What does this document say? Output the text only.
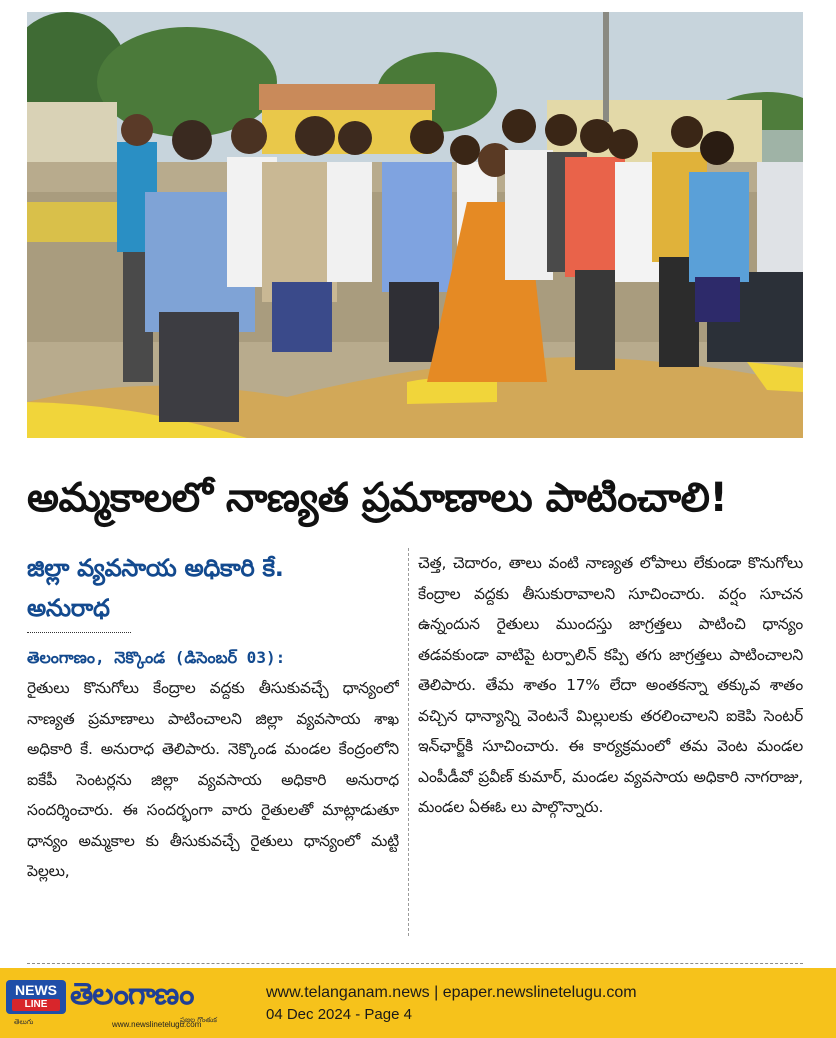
అమ్మకాలలో నాణ్యత ప్రమాణాలు పాటించాలి!

జిల్లా వ్యవసాయ అధికారి కే.

అనురాధ

తెలంగాణం, నెక్కొండ (డిసెంబర్ 03):

రైతులు కొనుగోలు కేంద్రాల వద్దకు తీసుకువచ్చే ధాన్యంలో నాణ్యత ప్రమాణాలు పాటించాలని జిల్లా వ్యవసాయ శాఖ అధికారి కే. అనురాధ తెలిపారు. నెక్కొండ మండల కేంద్రంలోని ఐకేపీ సెంటర్లను జిల్లా వ్యవసాయ అధికారి అనురాధ సందర్శించారు. ఈ సందర్భంగా వారు రైతులతో మాట్లాడుతూ ధాన్యం అమ్మకాల కు తీసుకువచ్చే రైతులు ధాన్యంలో మట్టి పెల్లలు,

చెత్త, చెదారం, తాలు వంటి నాణ్యత లోపాలు లేకుండా కొనుగోలు కేంద్రాల వద్దకు తీసుకురావాలని సూచించారు. వర్షం సూచన ఉన్నందున రైతులు ముందస్తు జాగ్రత్తలు పాటించి ధాన్యం తడవకుండా వాటిపై టర్పాలిన్ కప్పి తగు జాగ్రత్తలు పాటించాలని తెలిపారు. తేమ శాతం 17% లేదా అంతకన్నా తక్కువ శాతం వచ్చిన ధాన్యాన్ని వెంటనే మిల్లులకు తరలించాలని ఐకెపి సెంటర్ ఇన్‌ఛార్జ్‌కి సూచించారు. ఈ కార్యక్రమంలో తమ వెంట మండల ఎంపీడీవో ప్రవీణ్ కుమార్, మండల వ్యవసాయ అధికారి నాగరాజు, మండల ఏఈఓ లు పాల్గొన్నారు.

NEWS
LINE
తెలుగు
తెలంగాణం
ప్రజల గొంతుక
www.newslinetelugu.com
www.telanganam.news | epaper.newslinetelugu.com
04 Dec 2024 - Page 4
